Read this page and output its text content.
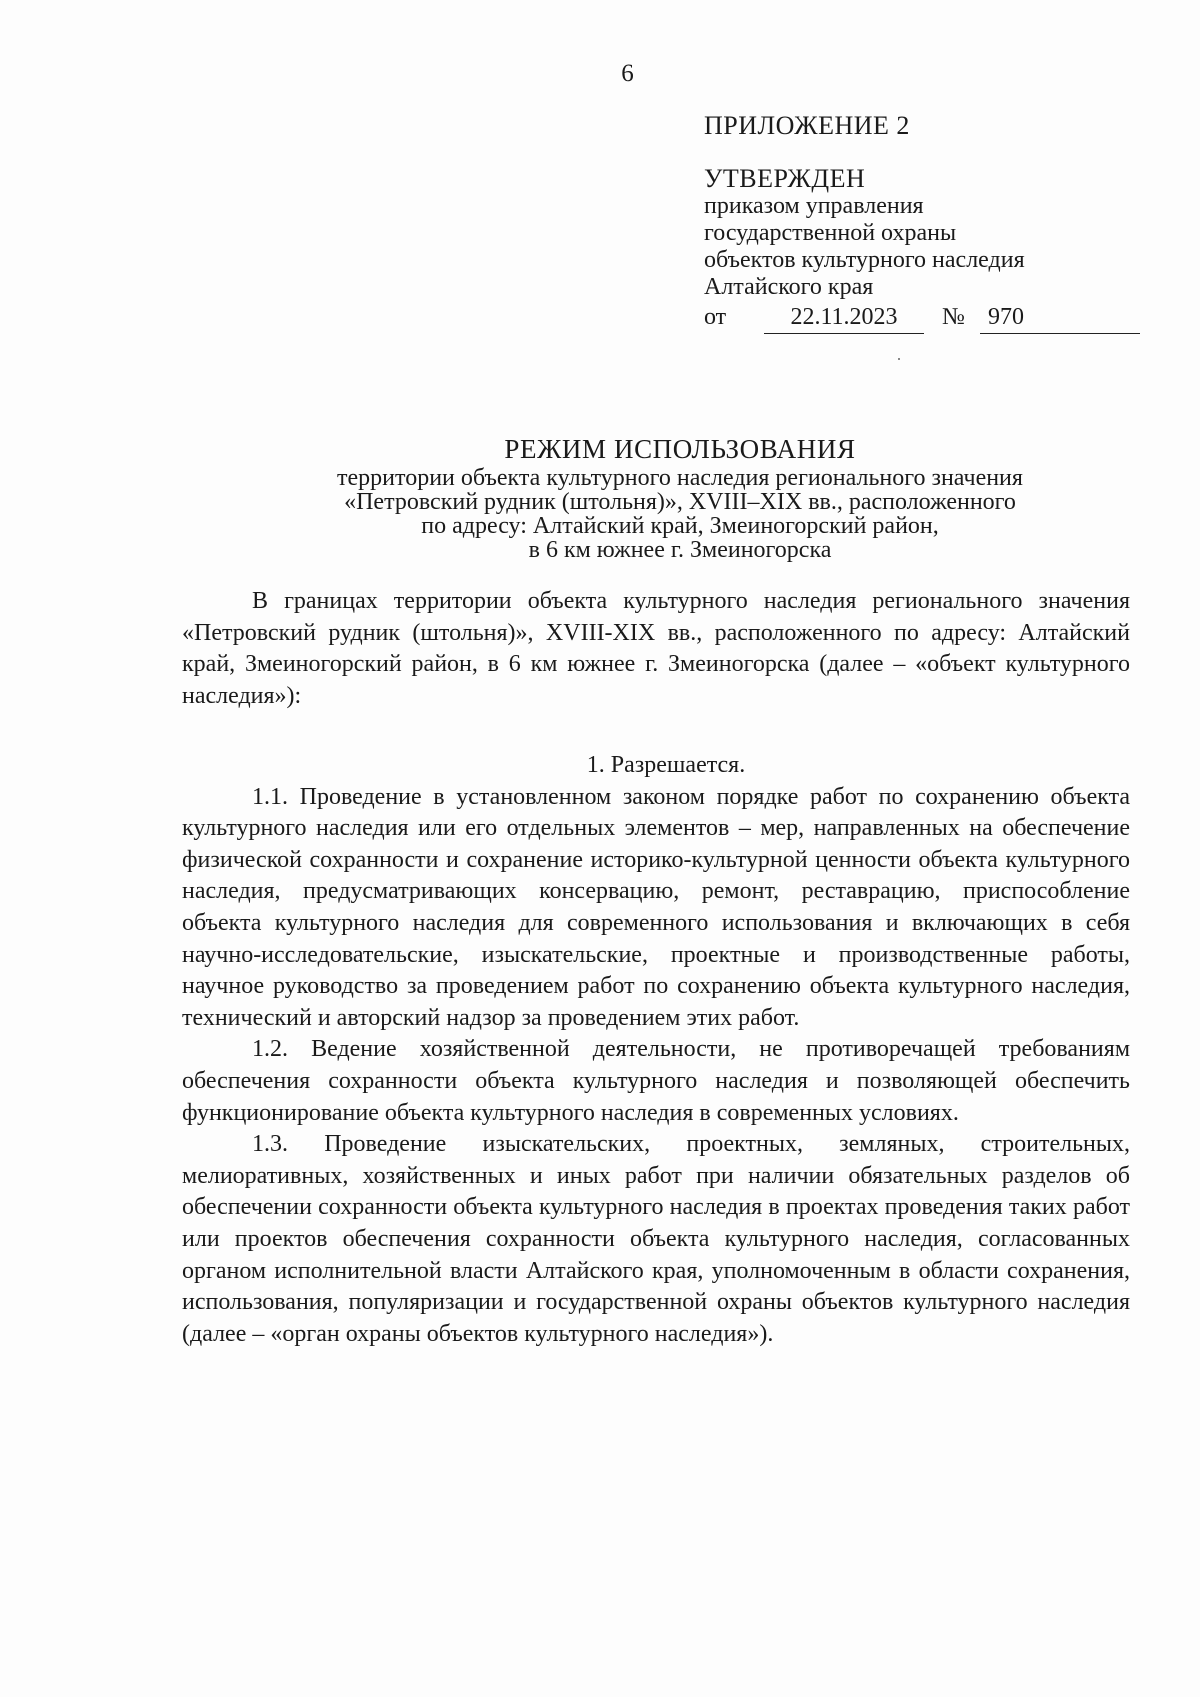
6
ПРИЛОЖЕНИЕ 2
УТВЕРЖДЕН
приказом управления
государственной охраны
объектов культурного наследия
Алтайского края
от	22.11.2023	№ 970
РЕЖИМ ИСПОЛЬЗОВАНИЯ
территории объекта культурного наследия регионального значения
«Петровский рудник (штольня)», XVIII–XIX вв., расположенного
по адресу: Алтайский край, Змеиногорский район,
в 6 км южнее г. Змеиногорска

В границах территории объекта культурного наследия регионального значения «Петровский рудник (штольня)», XVIII-XIX вв., расположенного по адресу: Алтайский край, Змеиногорский район, в 6 км южнее г. Змеиногорска (далее – «объект культурного наследия»):

1. Разрешается.

1.1. Проведение в установленном законом порядке работ по сохранению объекта культурного наследия или его отдельных элементов – мер, направленных на обеспечение физической сохранности и сохранение историко-культурной ценности объекта культурного наследия, предусматривающих консервацию, ремонт, реставрацию, приспособление объекта культурного наследия для современного использования и включающих в себя научно-исследовательские, изыскательские, проектные и производственные работы, научное руководство за проведением работ по сохранению объекта культурного наследия, технический и авторский надзор за проведением этих работ.

1.2. Ведение хозяйственной деятельности, не противоречащей требованиям обеспечения сохранности объекта культурного наследия и позволяющей обеспечить функционирование объекта культурного наследия в современных условиях.

1.3. Проведение изыскательских, проектных, земляных, строительных, мелиоративных, хозяйственных и иных работ при наличии обязательных разделов об обеспечении сохранности объекта культурного наследия в проектах проведения таких работ или проектов обеспечения сохранности объекта культурного наследия, согласованных органом исполнительной власти Алтайского края, уполномоченным в области сохранения, использования, популяризации и государственной охраны объектов культурного наследия (далее – «орган охраны объектов культурного наследия»).
